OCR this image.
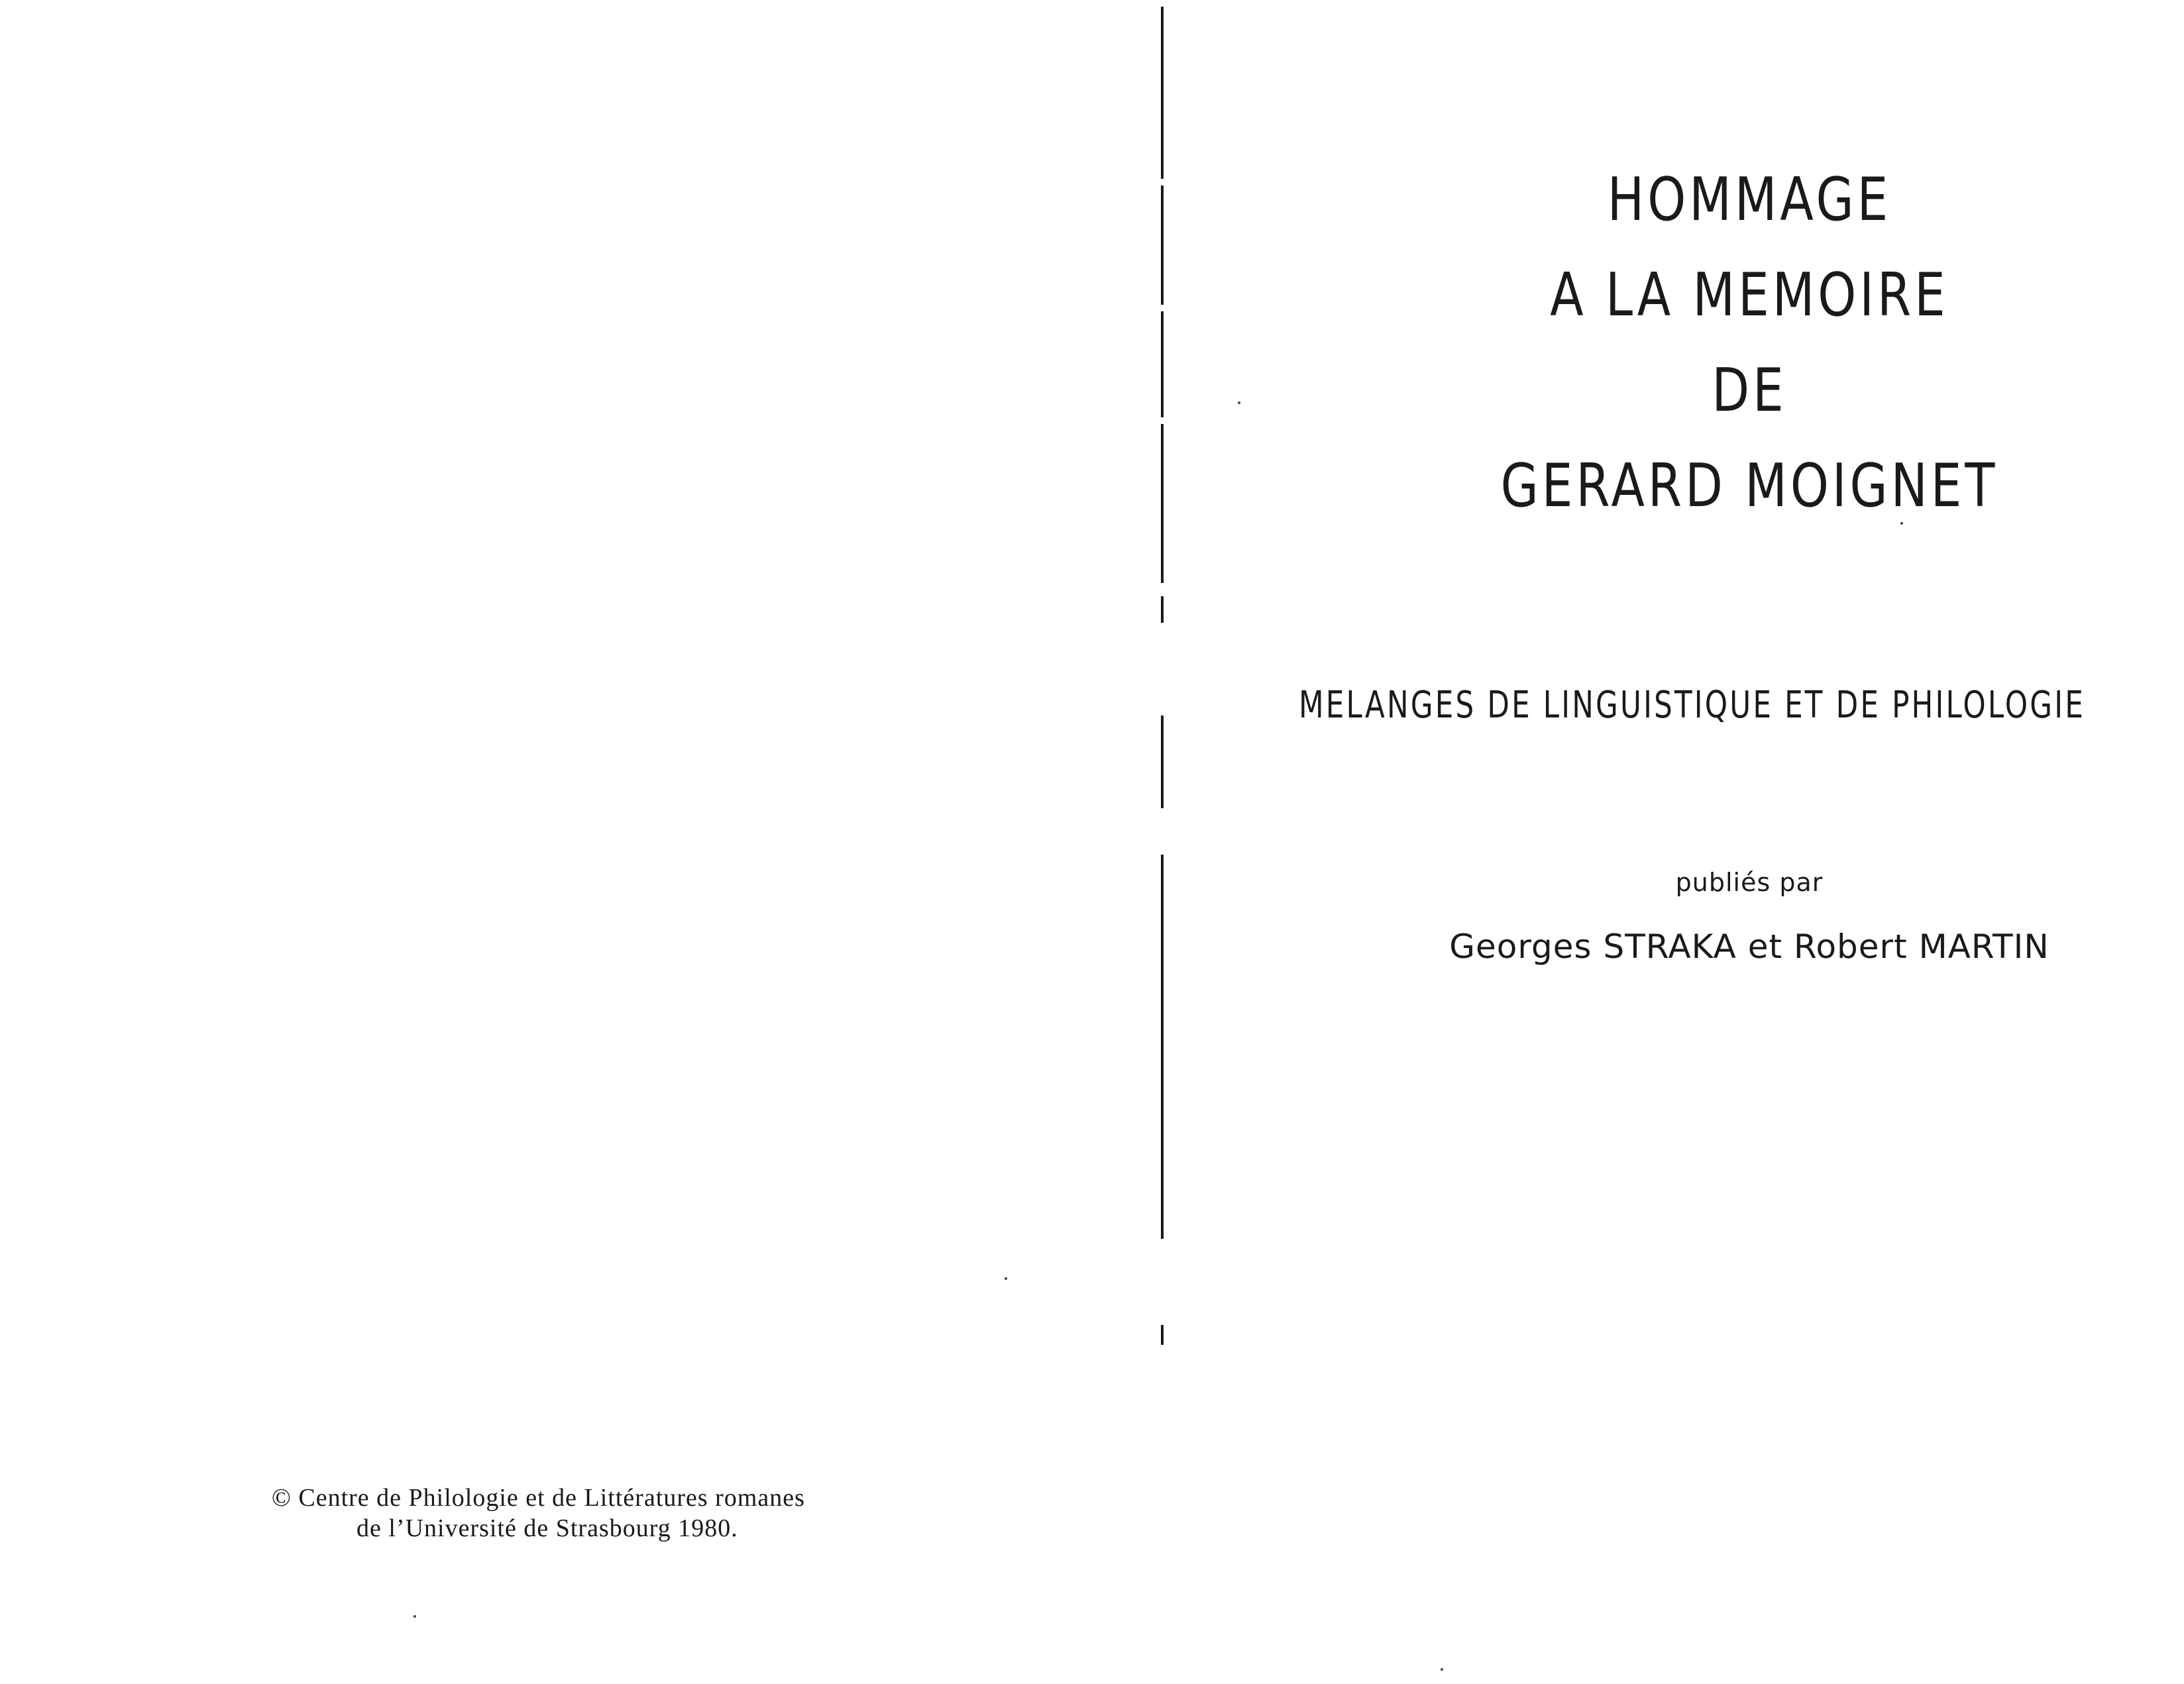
© Centre de Philologie et de Littératures romanes
de l’Université de Strasbourg 1980.
HOMMAGE
A LA MEMOIRE
DE
GERARD MOIGNET
MELANGES DE LINGUISTIQUE ET DE PHILOLOGIE
publiés par
Georges STRAKA et Robert MARTIN
